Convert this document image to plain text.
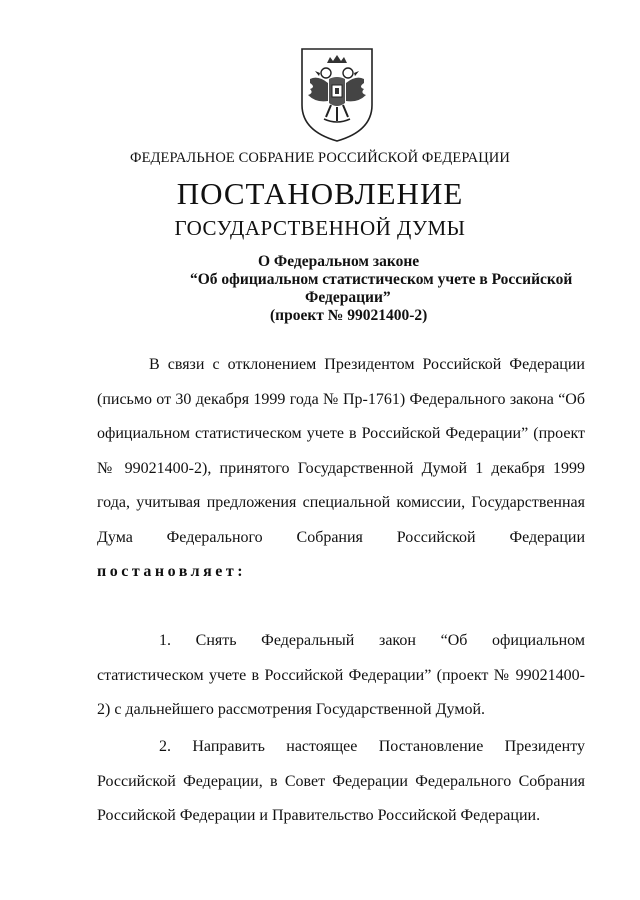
ФЕДЕРАЛЬНОЕ СОБРАНИЕ РОССИЙСКОЙ ФЕДЕРАЦИИ
ПОСТАНОВЛЕНИЕ
ГОСУДАРСТВЕННОЙ ДУМЫ
О Федеральном законе
“Об официальном статистическом учете в Российской
Федерации”
(проект № 99021400-2)
В связи с отклонением Президентом Российской Федерации (письмо от 30 декабря 1999 года № Пр-1761) Федерального закона “Об официальном статистическом учете в Российской Федерации” (проект № 99021400-2), принятого Государственной Думой 1 декабря 1999 года, учитывая предложения специальной комиссии, Государственная Дума Федерального Собрания Российской Федерации постановляет:
1. Снять Федеральный закон “Об официальном статистическом учете в Российской Федерации” (проект № 99021400-2) с дальнейшего рассмотрения Государственной Думой.
2. Направить настоящее Постановление Президенту Российской Федерации, в Совет Федерации Федерального Собрания Российской Федерации и Правительство Российской Федерации.
